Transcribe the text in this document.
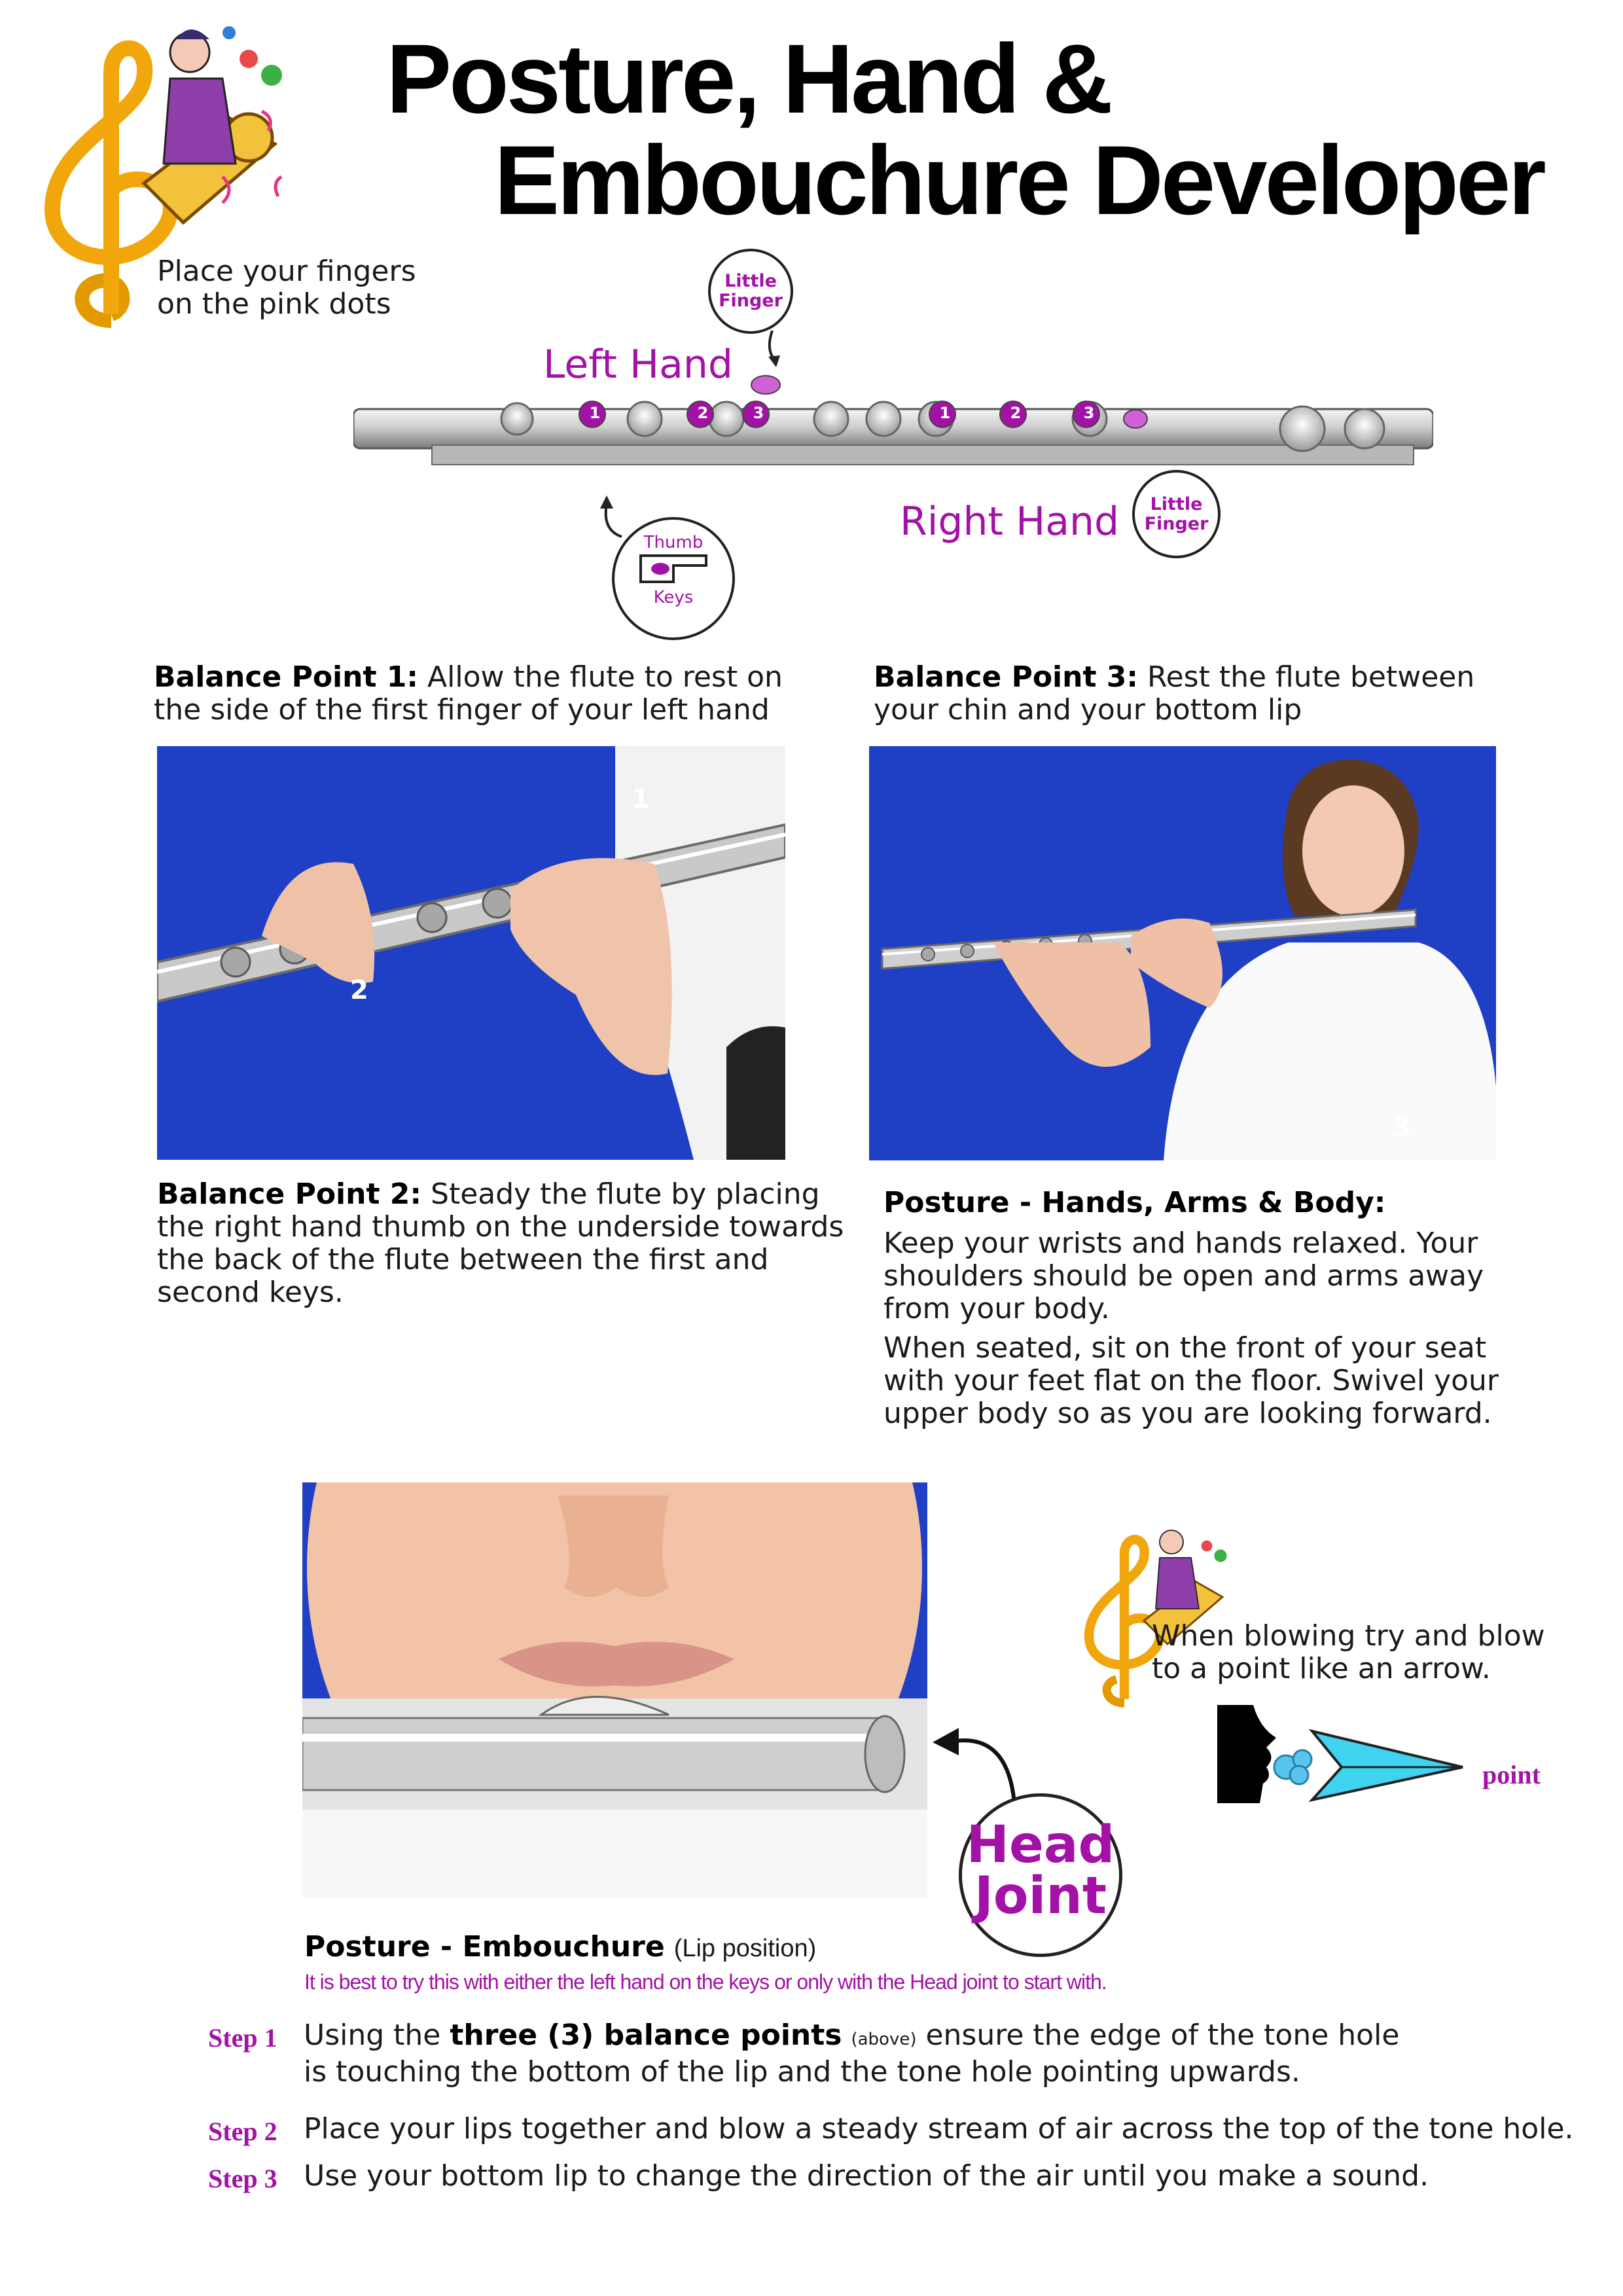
Posture, Hand &
Embouchure Developer
Place your fingers on the pink dots
1	2	3	1	2	3
Left Hand
Right Hand
Little Finger
Little Finger
Thumb
Keys
Balance Point 1: Allow the flute to rest on the side of the first finger of your left hand
Balance Point 3: Rest the flute between your chin and your bottom lip
1
2
3
Balance Point 2: Steady the flute by placing the right hand thumb on the underside towards the back of the flute between the first and second keys.
Posture - Hands, Arms & Body:
Keep your wrists and hands relaxed. Your shoulders should be open and arms away from your body.
When seated, sit on the front of your seat with your feet flat on the floor. Swivel your upper body so as you are looking forward.
Head
Joint
When blowing try and blow to a point like an arrow.
point
Posture - Embouchure (Lip position)
It is best to try this with either the left hand on the keys or only with the Head joint to start with.
Step 1 Using the three (3) balance points (above) ensure the edge of the tone hole is touching the bottom of the lip and the tone hole pointing upwards.
Step 2 Place your lips together and blow a steady stream of air across the top of the tone hole.
Step 3 Use your bottom lip to change the direction of the air until you make a sound.
